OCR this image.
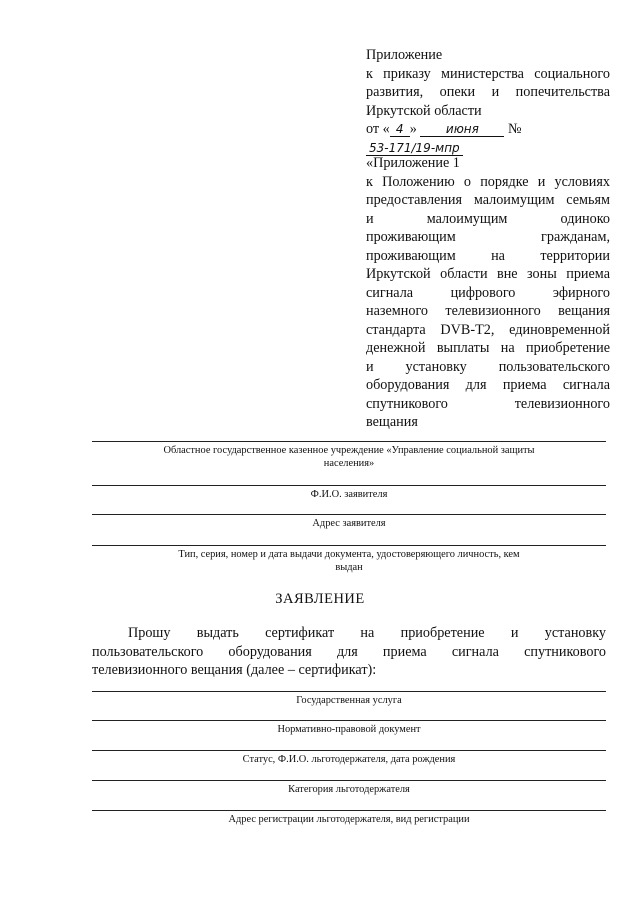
Приложение
к приказу министерства социального
развития, опеки и попечительства
Иркутской области
от « 4 » июня №53-171/19-мпр
«Приложение 1
к Положению о порядке и условиях
предоставления малоимущим семьям
и малоимущим одиноко
проживающим гражданам,
проживающим на территории
Иркутской области вне зоны приема
сигнала цифрового эфирного
наземного телевизионного вещания
стандарта DVB-T2, единовременной
денежной выплаты на приобретение
и установку пользовательского
оборудования для приема сигнала
спутникового телевизионного
вещания
Областное государственное казенное учреждение «Управление социальной защиты
населения»
Ф.И.О. заявителя
Адрес заявителя
Тип, серия, номер и дата выдачи документа, удостоверяющего личность, кем
выдан
ЗАЯВЛЕНИЕ
Прошу выдать сертификат на приобретение и установку
пользовательского оборудования для приема сигнала спутникового
телевизионного вещания (далее – сертификат):
Государственная услуга
Нормативно-правовой документ
Статус, Ф.И.О. льготодержателя, дата рождения
Категория льготодержателя
Адрес регистрации льготодержателя, вид регистрации
